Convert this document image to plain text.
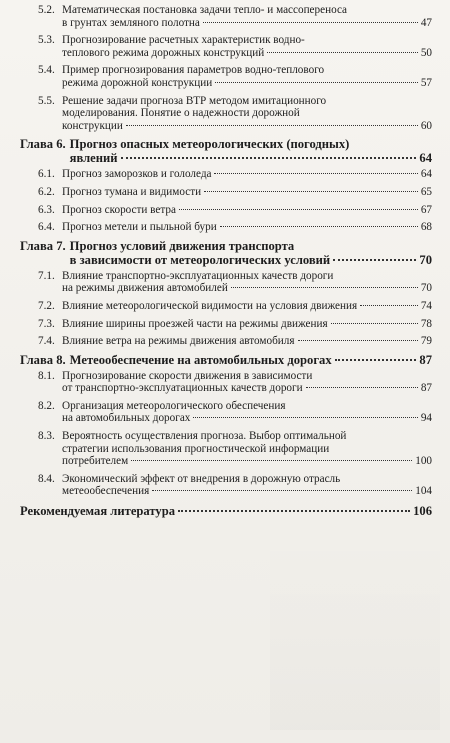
5.2. Математическая постановка задачи тепло- и массопереноса
в грунтах земляного полотна	47
5.3. Прогнозирование расчетных характеристик водно-
теплового режима дорожных конструкций	50
5.4. Пример прогнозирования параметров водно-теплового
режима дорожной конструкции	57
5.5. Решение задачи прогноза ВТР методом имитационного
моделирования. Понятие о надежности дорожной
конструкции	60
Глава 6. Прогноз опасных метеорологических (погодных)
явлений	64
6.1. Прогноз заморозков и гололеда	64
6.2. Прогноз тумана и видимости	65
6.3. Прогноз скорости ветра	67
6.4. Прогноз метели и пыльной бури	68
Глава 7. Прогноз условий движения транспорта
в зависимости от метеорологических условий	70
7.1. Влияние транспортно-эксплуатационных качеств дороги
на режимы движения автомобилей	70
7.2. Влияние метеорологической видимости на условия движения	74
7.3. Влияние ширины проезжей части на режимы движения	78
7.4. Влияние ветра на режимы движения автомобиля	79
Глава 8. Метеообеспечение на автомобильных дорогах	87
8.1. Прогнозирование скорости движения в зависимости
от транспортно-эксплуатационных качеств дороги	87
8.2. Организация метеорологического обеспечения
на автомобильных дорогах	94
8.3. Вероятность осуществления прогноза. Выбор оптимальной
стратегии использования прогностической информации
потребителем	100
8.4. Экономический эффект от внедрения в дорожную отрасль
метеообеспечения	104
Рекомендуемая литература	106
